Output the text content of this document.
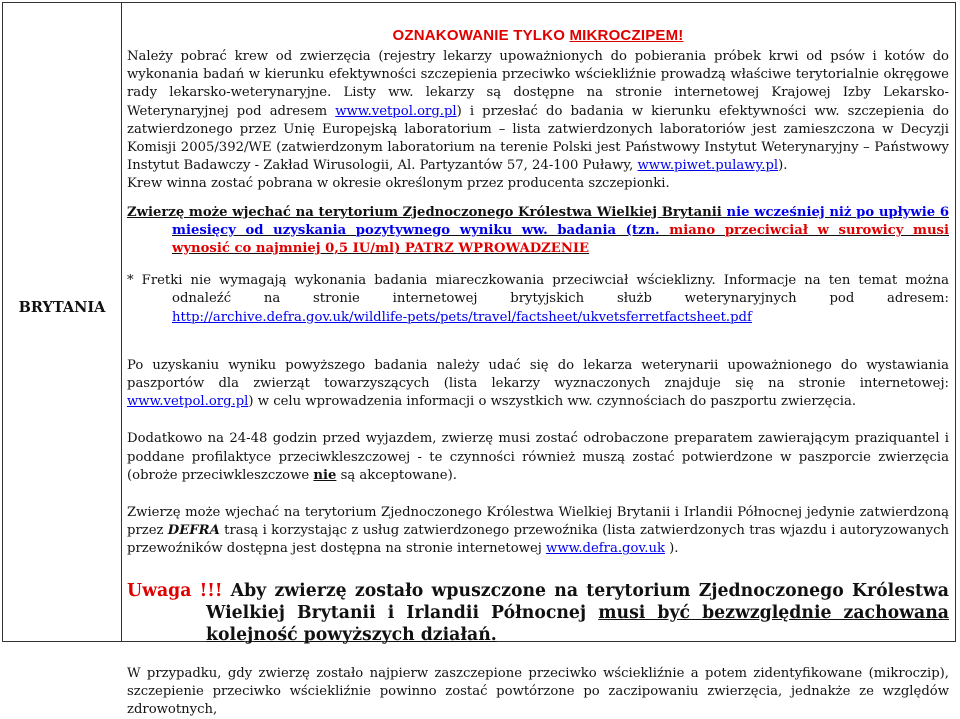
BRYTANIA
OZNAKOWANIE TYLKO MIKROCZIPEM!

Należy pobrać krew od zwierzęcia (rejestry lekarzy upoważnionych do pobierania próbek krwi od psów i kotów do wykonania badań w kierunku efektywności szczepienia przeciwko wściekliźnie prowadzą właściwe terytorialnie okręgowe rady lekarsko-weterynaryjne. Listy ww. lekarzy są dostępne na stronie internetowej Krajowej Izby Lekarsko-Weterynaryjnej pod adresem www.vetpol.org.pl) i przesłać do badania w kierunku efektywności ww. szczepienia do zatwierdzonego przez Unię Europejską laboratorium – lista zatwierdzonych laboratoriów jest zamieszczona w Decyzji Komisji 2005/392/WE (zatwierdzonym laboratorium na terenie Polski jest Państwowy Instytut Weterynaryjny – Państwowy Instytut Badawczy - Zakład Wirusologii, Al. Partyzantów 57, 24-100 Puławy, www.piwet.pulawy.pl).

Krew winna zostać pobrana w okresie określonym przez producenta szczepionki.

Zwierzę może wjechać na terytorium Zjednoczonego Królestwa Wielkiej Brytanii nie wcześniej niż po upływie 6 miesięcy od uzyskania pozytywnego wyniku ww. badania (tzn. miano przeciwciał w surowicy musi wynosić co najmniej 0,5 IU/ml) PATRZ WPROWADZENIE

* Fretki nie wymagają wykonania badania miareczkowania przeciwciał wścieklizny. Informacje na ten temat można odnaleźć na stronie internetowej brytyjskich służb weterynaryjnych pod adresem: http://archive.defra.gov.uk/wildlife-pets/pets/travel/factsheet/ukvetsferretfactsheet.pdf

Po uzyskaniu wyniku powyższego badania należy udać się do lekarza weterynarii upoważnionego do wystawiania paszportów dla zwierząt towarzyszących (lista lekarzy wyznaczonych znajduje się na stronie internetowej: www.vetpol.org.pl) w celu wprowadzenia informacji o wszystkich ww. czynnościach do paszportu zwierzęcia.

Dodatkowo na 24-48 godzin przed wyjazdem, zwierzę musi zostać odrobaczone preparatem zawierającym praziquantel i poddane profilaktyce przeciwkleszczowej - te czynności również muszą zostać potwierdzone w paszporcie zwierzęcia (obroże przeciwkleszczowe nie są akceptowane).

Zwierzę może wjechać na terytorium Zjednoczonego Królestwa Wielkiej Brytanii i Irlandii Północnej jedynie zatwierdzoną przez DEFRA trasą i korzystając z usług zatwierdzonego przewoźnika (lista zatwierdzonych tras wjazdu i autoryzowanych przewoźników dostępna jest dostępna na stronie internetowej www.defra.gov.uk ).

Uwaga !!! Aby zwierzę zostało wpuszczone na terytorium Zjednoczonego Królestwa Wielkiej Brytanii i Irlandii Północnej musi być bezwzględnie zachowana kolejność powyższych działań.

W przypadku, gdy zwierzę zostało najpierw zaszczepione przeciwko wściekliźnie a potem zidentyfikowane (mikroczip), szczepienie przeciwko wściekliźnie powinno zostać powtórzone po zaczipowaniu zwierzęcia, jednakże ze względów zdrowotnych,
